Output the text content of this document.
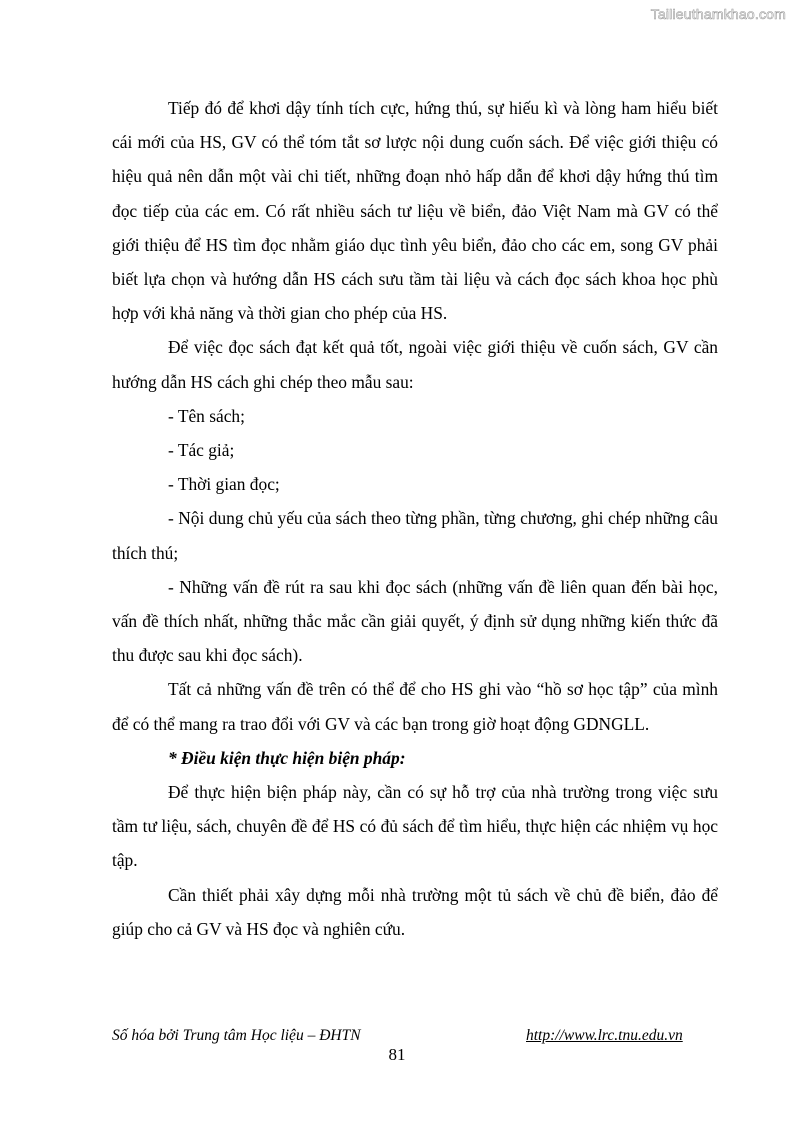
Tailieuthamkhao.com

Tiếp đó để khơi dậy tính tích cực, hứng thú, sự hiếu kì và lòng ham hiểu biết cái mới của HS, GV có thể tóm tắt sơ lược nội dung cuốn sách. Để việc giới thiệu có hiệu quả nên dẫn một vài chi tiết, những đoạn nhỏ hấp dẫn để khơi dậy hứng thú tìm đọc tiếp của các em. Có rất nhiều sách tư liệu về biển, đảo Việt Nam mà GV có thể giới thiệu để HS tìm đọc nhằm giáo dục tình yêu biển, đảo cho các em, song GV phải biết lựa chọn và hướng dẫn HS cách sưu tầm tài liệu và cách đọc sách khoa học phù hợp với khả năng và thời gian cho phép của HS.

Để việc đọc sách đạt kết quả tốt, ngoài việc giới thiệu về cuốn sách, GV cần hướng dẫn HS cách ghi chép theo mẫu sau:

- Tên sách;

- Tác giả;

- Thời gian đọc;

- Nội dung chủ yếu của sách theo từng phần, từng chương, ghi chép những câu thích thú;

- Những vấn đề rút ra sau khi đọc sách (những vấn đề liên quan đến bài học, vấn đề thích nhất, những thắc mắc cần giải quyết, ý định sử dụng những kiến thức đã thu được sau khi đọc sách).

Tất cả những vấn đề trên có thể để cho HS ghi vào “hồ sơ học tập” của mình để có thể mang ra trao đổi với GV và các bạn trong giờ hoạt động GDNGLL.

* Điều kiện thực hiện biện pháp:

Để thực hiện biện pháp này, cần có sự hỗ trợ của nhà trường trong việc sưu tầm tư liệu, sách, chuyên đề để HS có đủ sách để tìm hiểu, thực hiện các nhiệm vụ học tập.

Cần thiết phải xây dựng mỗi nhà trường một tủ sách về chủ đề biển, đảo để giúp cho cả GV và HS đọc và nghiên cứu.

Số hóa bởi Trung tâm Học liệu – ĐHTN	http://www.lrc.tnu.edu.vn
81
